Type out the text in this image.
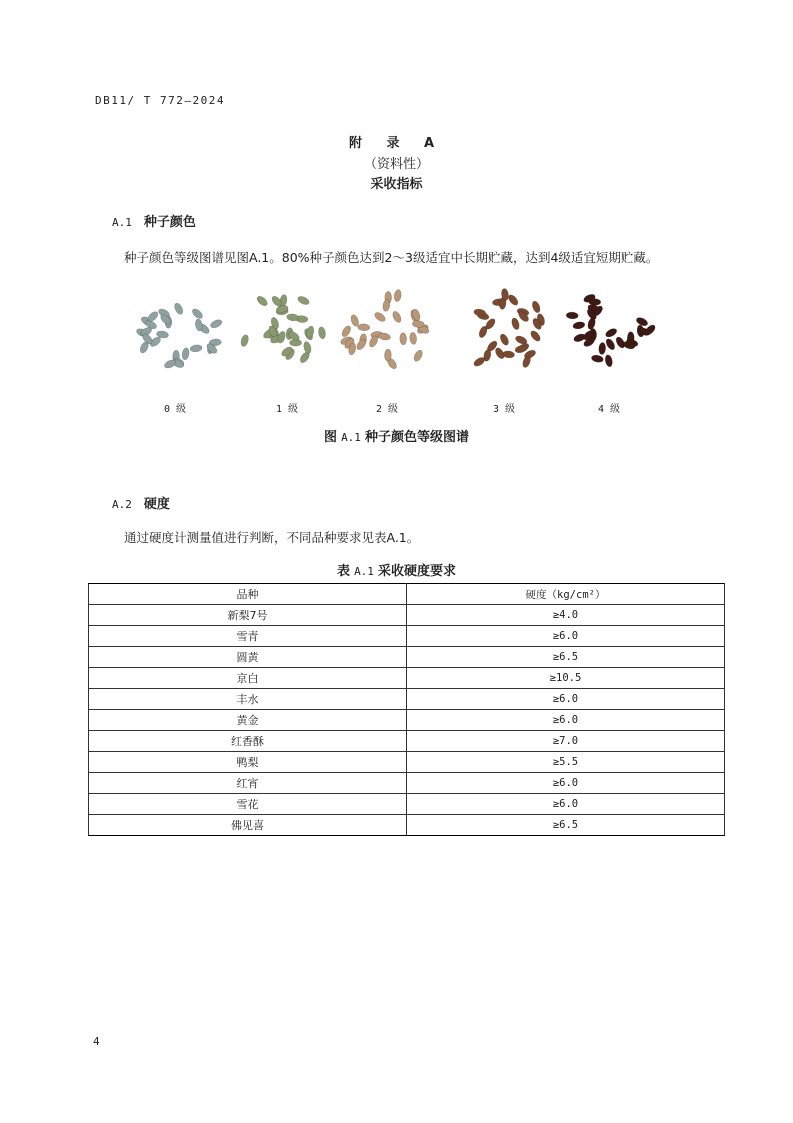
DB11/ T 772—2024
附 录 A
（资料性）
采收指标
A.1 种子颜色
种子颜色等级图谱见图A.1。80%种子颜色达到2～3级适宜中长期贮藏，达到4级适宜短期贮藏。
0 级	1 级	2 级	3 级	4 级
图 A.1 种子颜色等级图谱
A.2 硬度
通过硬度计测量值进行判断，不同品种要求见表A.1。
表 A.1 采收硬度要求
品种	硬度（kg/cm²）
新梨7号	≥4.0
雪青	≥6.0
圆黄	≥6.5
京白	≥10.5
丰水	≥6.0
黄金	≥6.0
红香酥	≥7.0
鸭梨	≥5.5
红宵	≥6.0
雪花	≥6.0
佛见喜	≥6.5
4
